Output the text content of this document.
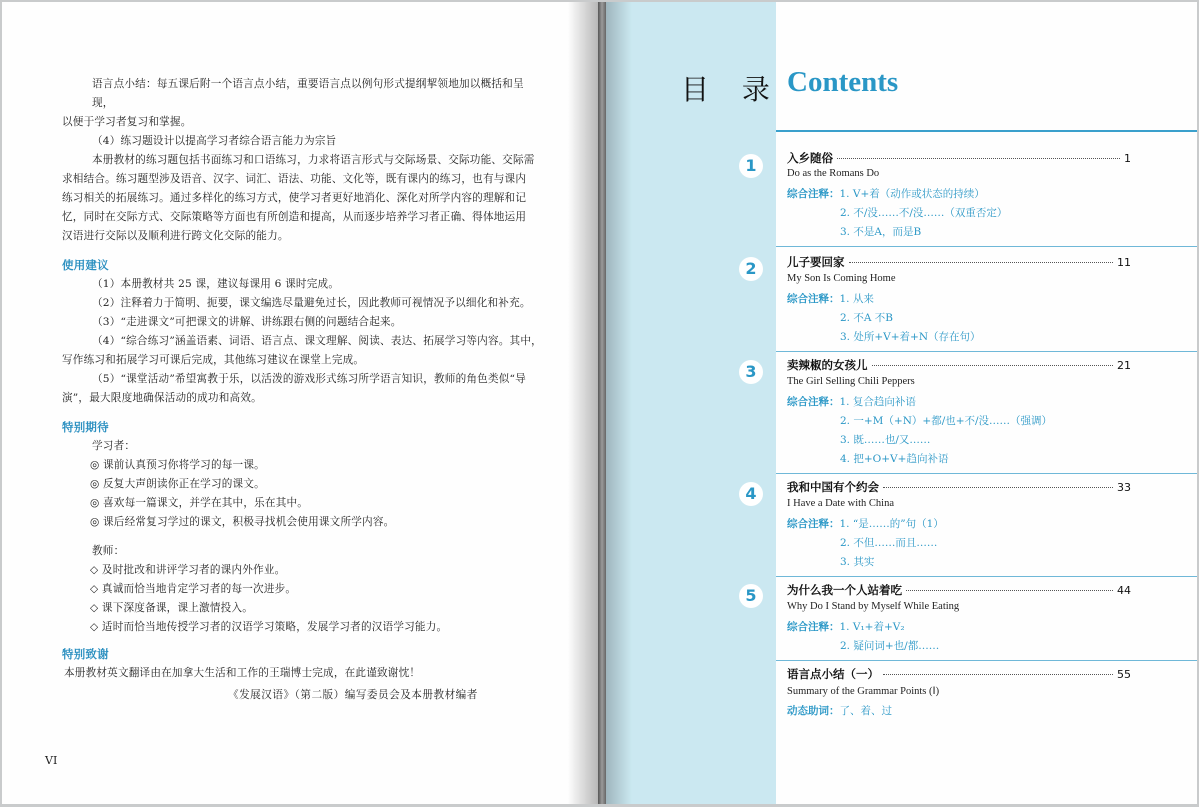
语言点小结：每五课后附一个语言点小结，重要语言点以例句形式提纲挈领地加以概括和呈现，

以便于学习者复习和掌握。

（4）练习题设计以提高学习者综合语言能力为宗旨

本册教材的练习题包括书面练习和口语练习，力求将语言形式与交际场景、交际功能、交际需

求相结合。练习题型涉及语音、汉字、词汇、语法、功能、文化等，既有课内的练习，也有与课内

练习相关的拓展练习。通过多样化的练习方式，使学习者更好地消化、深化对所学内容的理解和记

忆，同时在交际方式、交际策略等方面也有所创造和提高，从而逐步培养学习者正确、得体地运用

汉语进行交际以及顺利进行跨文化交际的能力。

使用建议

（1）本册教材共 25 课，建议每课用 6 课时完成。

（2）注释着力于简明、扼要，课文编选尽量避免过长，因此教师可视情况予以细化和补充。

（3）“走进课文”可把课文的讲解、讲练跟右侧的问题结合起来。

（4）“综合练习”涵盖语素、词语、语言点、课文理解、阅读、表达、拓展学习等内容。其中，

写作练习和拓展学习可课后完成，其他练习建议在课堂上完成。

（5）“课堂活动”希望寓教于乐，以活泼的游戏形式练习所学语言知识，教师的角色类似“导

演”，最大限度地确保活动的成功和高效。

特别期待

学习者：

◎ 课前认真预习你将学习的每一课。

◎ 反复大声朗读你正在学习的课文。

◎ 喜欢每一篇课文，并学在其中，乐在其中。

◎ 课后经常复习学过的课文，积极寻找机会使用课文所学内容。

教师：

◇ 及时批改和讲评学习者的课内外作业。

◇ 真诚而恰当地肯定学习者的每一次进步。

◇ 课下深度备课，课上激情投入。

◇ 适时而恰当地传授学习者的汉语学习策略，发展学习者的汉语学习能力。

特别致谢

本册教材英文翻译由在加拿大生活和工作的王瑞博士完成，在此谨致谢忱！

《发展汉语》（第二版）编写委员会及本册教材编者
VI
目 录 Contents
1	入乡随俗	1
Do as the Romans Do
综合注释：1. V+着（动作或状态的持续）
2. 不/没……不/没……（双重否定）
3. 不是A，而是B
2	儿子要回家	11
My Son Is Coming Home
综合注释：1. 从来
2. 不A 不B
3. 处所+V+着+N（存在句）
3	卖辣椒的女孩儿	21
The Girl Selling Chili Peppers
综合注释：1. 复合趋向补语
2. 一+M（+N）+都/也+不/没……（强调）
3. 既……也/又……
4. 把+O+V+趋向补语
4	我和中国有个约会	33
I Have a Date with China
综合注释：1. “是……的”句（1）
2. 不但……而且……
3. 其实
5	为什么我一个人站着吃	44
Why Do I Stand by Myself While Eating
综合注释：1. V₁+着+V₂
2. 疑问词+也/都……
语言点小结（一）	55
Summary of the Grammar Points (Ⅰ)
动态助词：了、着、过
